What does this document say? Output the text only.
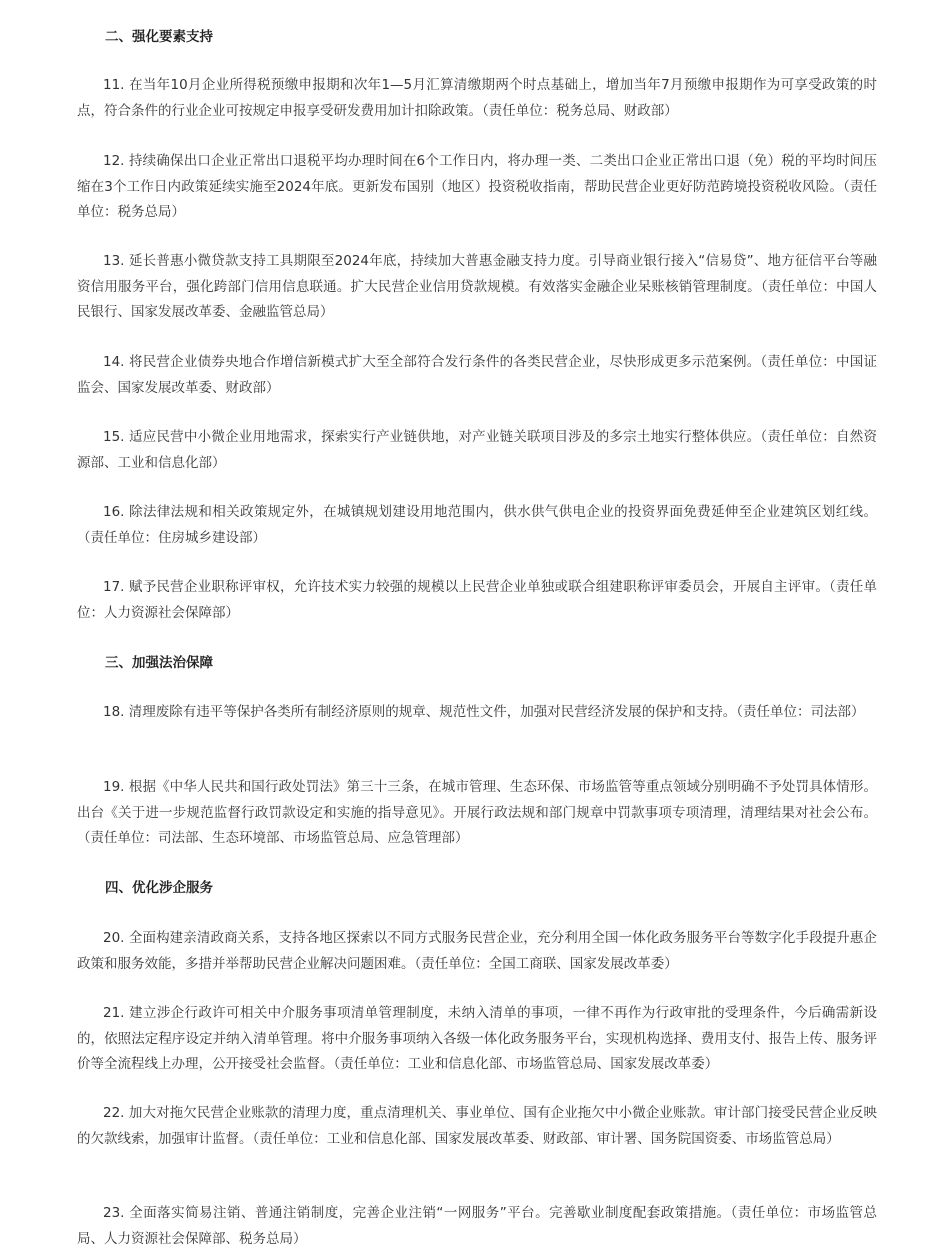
二、强化要素支持
11. 在当年10月企业所得税预缴申报期和次年1—5月汇算清缴期两个时点基础上，增加当年7月预缴申报期作为可享受政策的时点，符合条件的行业企业可按规定申报享受研发费用加计扣除政策。（责任单位：税务总局、财政部）
12. 持续确保出口企业正常出口退税平均办理时间在6个工作日内，将办理一类、二类出口企业正常出口退（免）税的平均时间压缩在3个工作日内政策延续实施至2024年底。更新发布国别（地区）投资税收指南，帮助民营企业更好防范跨境投资税收风险。（责任单位：税务总局）
13. 延长普惠小微贷款支持工具期限至2024年底，持续加大普惠金融支持力度。引导商业银行接入“信易贷”、地方征信平台等融资信用服务平台，强化跨部门信用信息联通。扩大民营企业信用贷款规模。有效落实金融企业呆账核销管理制度。（责任单位：中国人民银行、国家发展改革委、金融监管总局）
14. 将民营企业债券央地合作增信新模式扩大至全部符合发行条件的各类民营企业，尽快形成更多示范案例。（责任单位：中国证监会、国家发展改革委、财政部）
15. 适应民营中小微企业用地需求，探索实行产业链供地，对产业链关联项目涉及的多宗土地实行整体供应。（责任单位：自然资源部、工业和信息化部）
16. 除法律法规和相关政策规定外，在城镇规划建设用地范围内，供水供气供电企业的投资界面免费延伸至企业建筑区划红线。（责任单位：住房城乡建设部）
17. 赋予民营企业职称评审权，允许技术实力较强的规模以上民营企业单独或联合组建职称评审委员会，开展自主评审。（责任单位：人力资源社会保障部）
三、加强法治保障
18. 清理废除有违平等保护各类所有制经济原则的规章、规范性文件，加强对民营经济发展的保护和支持。（责任单位：司法部）
19. 根据《中华人民共和国行政处罚法》第三十三条，在城市管理、生态环保、市场监管等重点领域分别明确不予处罚具体情形。出台《关于进一步规范监督行政罚款设定和实施的指导意见》。开展行政法规和部门规章中罚款事项专项清理，清理结果对社会公布。（责任单位：司法部、生态环境部、市场监管总局、应急管理部）
四、优化涉企服务
20. 全面构建亲清政商关系，支持各地区探索以不同方式服务民营企业，充分利用全国一体化政务服务平台等数字化手段提升惠企政策和服务效能，多措并举帮助民营企业解决问题困难。（责任单位：全国工商联、国家发展改革委）
21. 建立涉企行政许可相关中介服务事项清单管理制度，未纳入清单的事项，一律不再作为行政审批的受理条件，今后确需新设的，依照法定程序设定并纳入清单管理。将中介服务事项纳入各级一体化政务服务平台，实现机构选择、费用支付、报告上传、服务评价等全流程线上办理，公开接受社会监督。（责任单位：工业和信息化部、市场监管总局、国家发展改革委）
22. 加大对拖欠民营企业账款的清理力度，重点清理机关、事业单位、国有企业拖欠中小微企业账款。审计部门接受民营企业反映的欠款线索，加强审计监督。（责任单位：工业和信息化部、国家发展改革委、财政部、审计署、国务院国资委、市场监管总局）
23. 全面落实简易注销、普通注销制度，完善企业注销“一网服务”平台。完善歇业制度配套政策措施。（责任单位：市场监管总局、人力资源社会保障部、税务总局）
